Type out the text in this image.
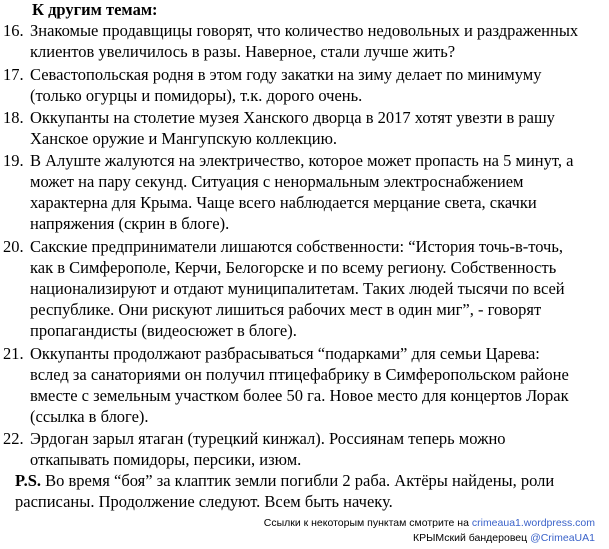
К другим темам:
16. Знакомые продавщицы говорят, что количество недовольных и раздраженных
клиентов увеличилось в разы. Наверное, стали лучше жить?
17. Севастопольская родня в этом году закатки на зиму делает по минимуму
(только огурцы и помидоры), т.к. дорого очень.
18. Оккупанты на столетие музея Ханского дворца в 2017 хотят увезти в рашу
Ханское оружие и Мангупскую коллекцию.
19. В Алуште жалуются на электричество, которое может пропасть на 5 минут, а
может на пару секунд. Ситуация с ненормальным электроснабжением
характерна для Крыма. Чаще всего наблюдается мерцание света, скачки
напряжения (скрин в блоге).
20. Сакские предприниматели лишаются собственности: “История точь-в-точь,
как в Симферополе, Керчи, Белогорске и по всему региону. Собственность
национализируют и отдают муниципалитетам. Таких людей тысячи по всей
республике. Они рискуют лишиться рабочих мест в один миг”, - говорят
пропагандисты (видеосюжет в блоге).
21. Оккупанты продолжают разбрасываться “подарками” для семьи Царева:
вслед за санаториями он получил птицефабрику в Симферопольском районе
вместе с земельным участком более 50 га. Новое место для концертов Лорак
(ссылка в блоге).
22. Эрдоган зарыл ятаган (турецкий кинжал). Россиянам теперь можно
откапывать помидоры, персики, изюм.
P.S. Во время “боя” за клаптик земли погибли 2 раба. Актёры найдены, роли
расписаны. Продолжение следуют. Всем быть начеку.
Ссылки к некоторым пунктам смотрите на crimeaua1.wordpress.com
КРЫМский бандеровец @CrimeaUA1
